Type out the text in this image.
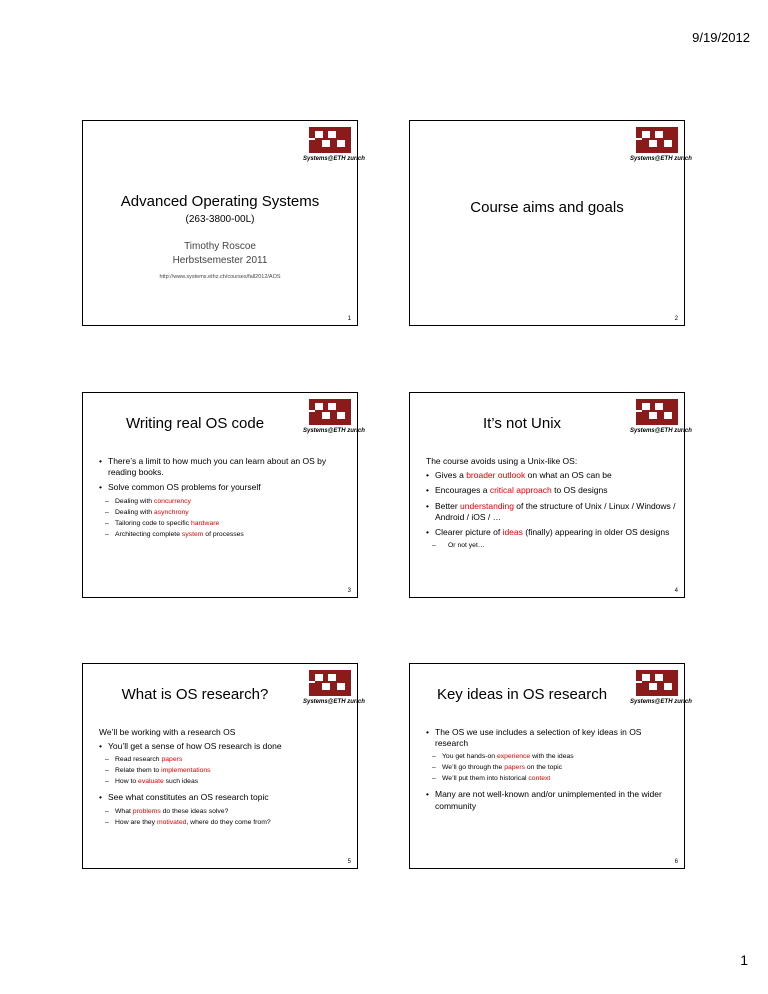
9/19/2012
Systems@ETH zurich
Advanced Operating Systems
(263-3800-00L)
Timothy Roscoe
Herbstsemester 2011
http://www.systems.ethz.ch/courses/fall2012/AOS
1
Systems@ETH zurich
Course aims and goals
2
Systems@ETH zurich
Writing real OS code
• There’s a limit to how much you can learn about an OS by reading books.
• Solve common OS problems for yourself
– Dealing with concurrency
– Dealing with asynchrony
– Tailoring code to specific hardware
– Architecting complete system of processes
3
Systems@ETH zurich
It’s not Unix

The course avoids using a Unix-like OS:

• Gives a broader outlook on what an OS can be
• Encourages a critical approach to OS designs
• Better understanding of the structure of Unix / Linux / Windows / Android / iOS / …
• Clearer picture of ideas (finally) appearing in older OS designs
– Or not yet…
4
Systems@ETH zurich
What is OS research?

We’ll be working with a research OS

• You’ll get a sense of how OS research is done
– Read research papers
– Relate them to implementations
– How to evaluate such ideas
• See what constitutes an OS research topic
– What problems do these ideas solve?
– How are they motivated, where do they come from?
5
Systems@ETH zurich
Key ideas in OS research
• The OS we use includes a selection of key ideas in OS research
– You get hands-on experience with the ideas
– We’ll go through the papers on the topic
– We’ll put them into historical context
• Many are not well-known and/or unimplemented in the wider community
6
1
